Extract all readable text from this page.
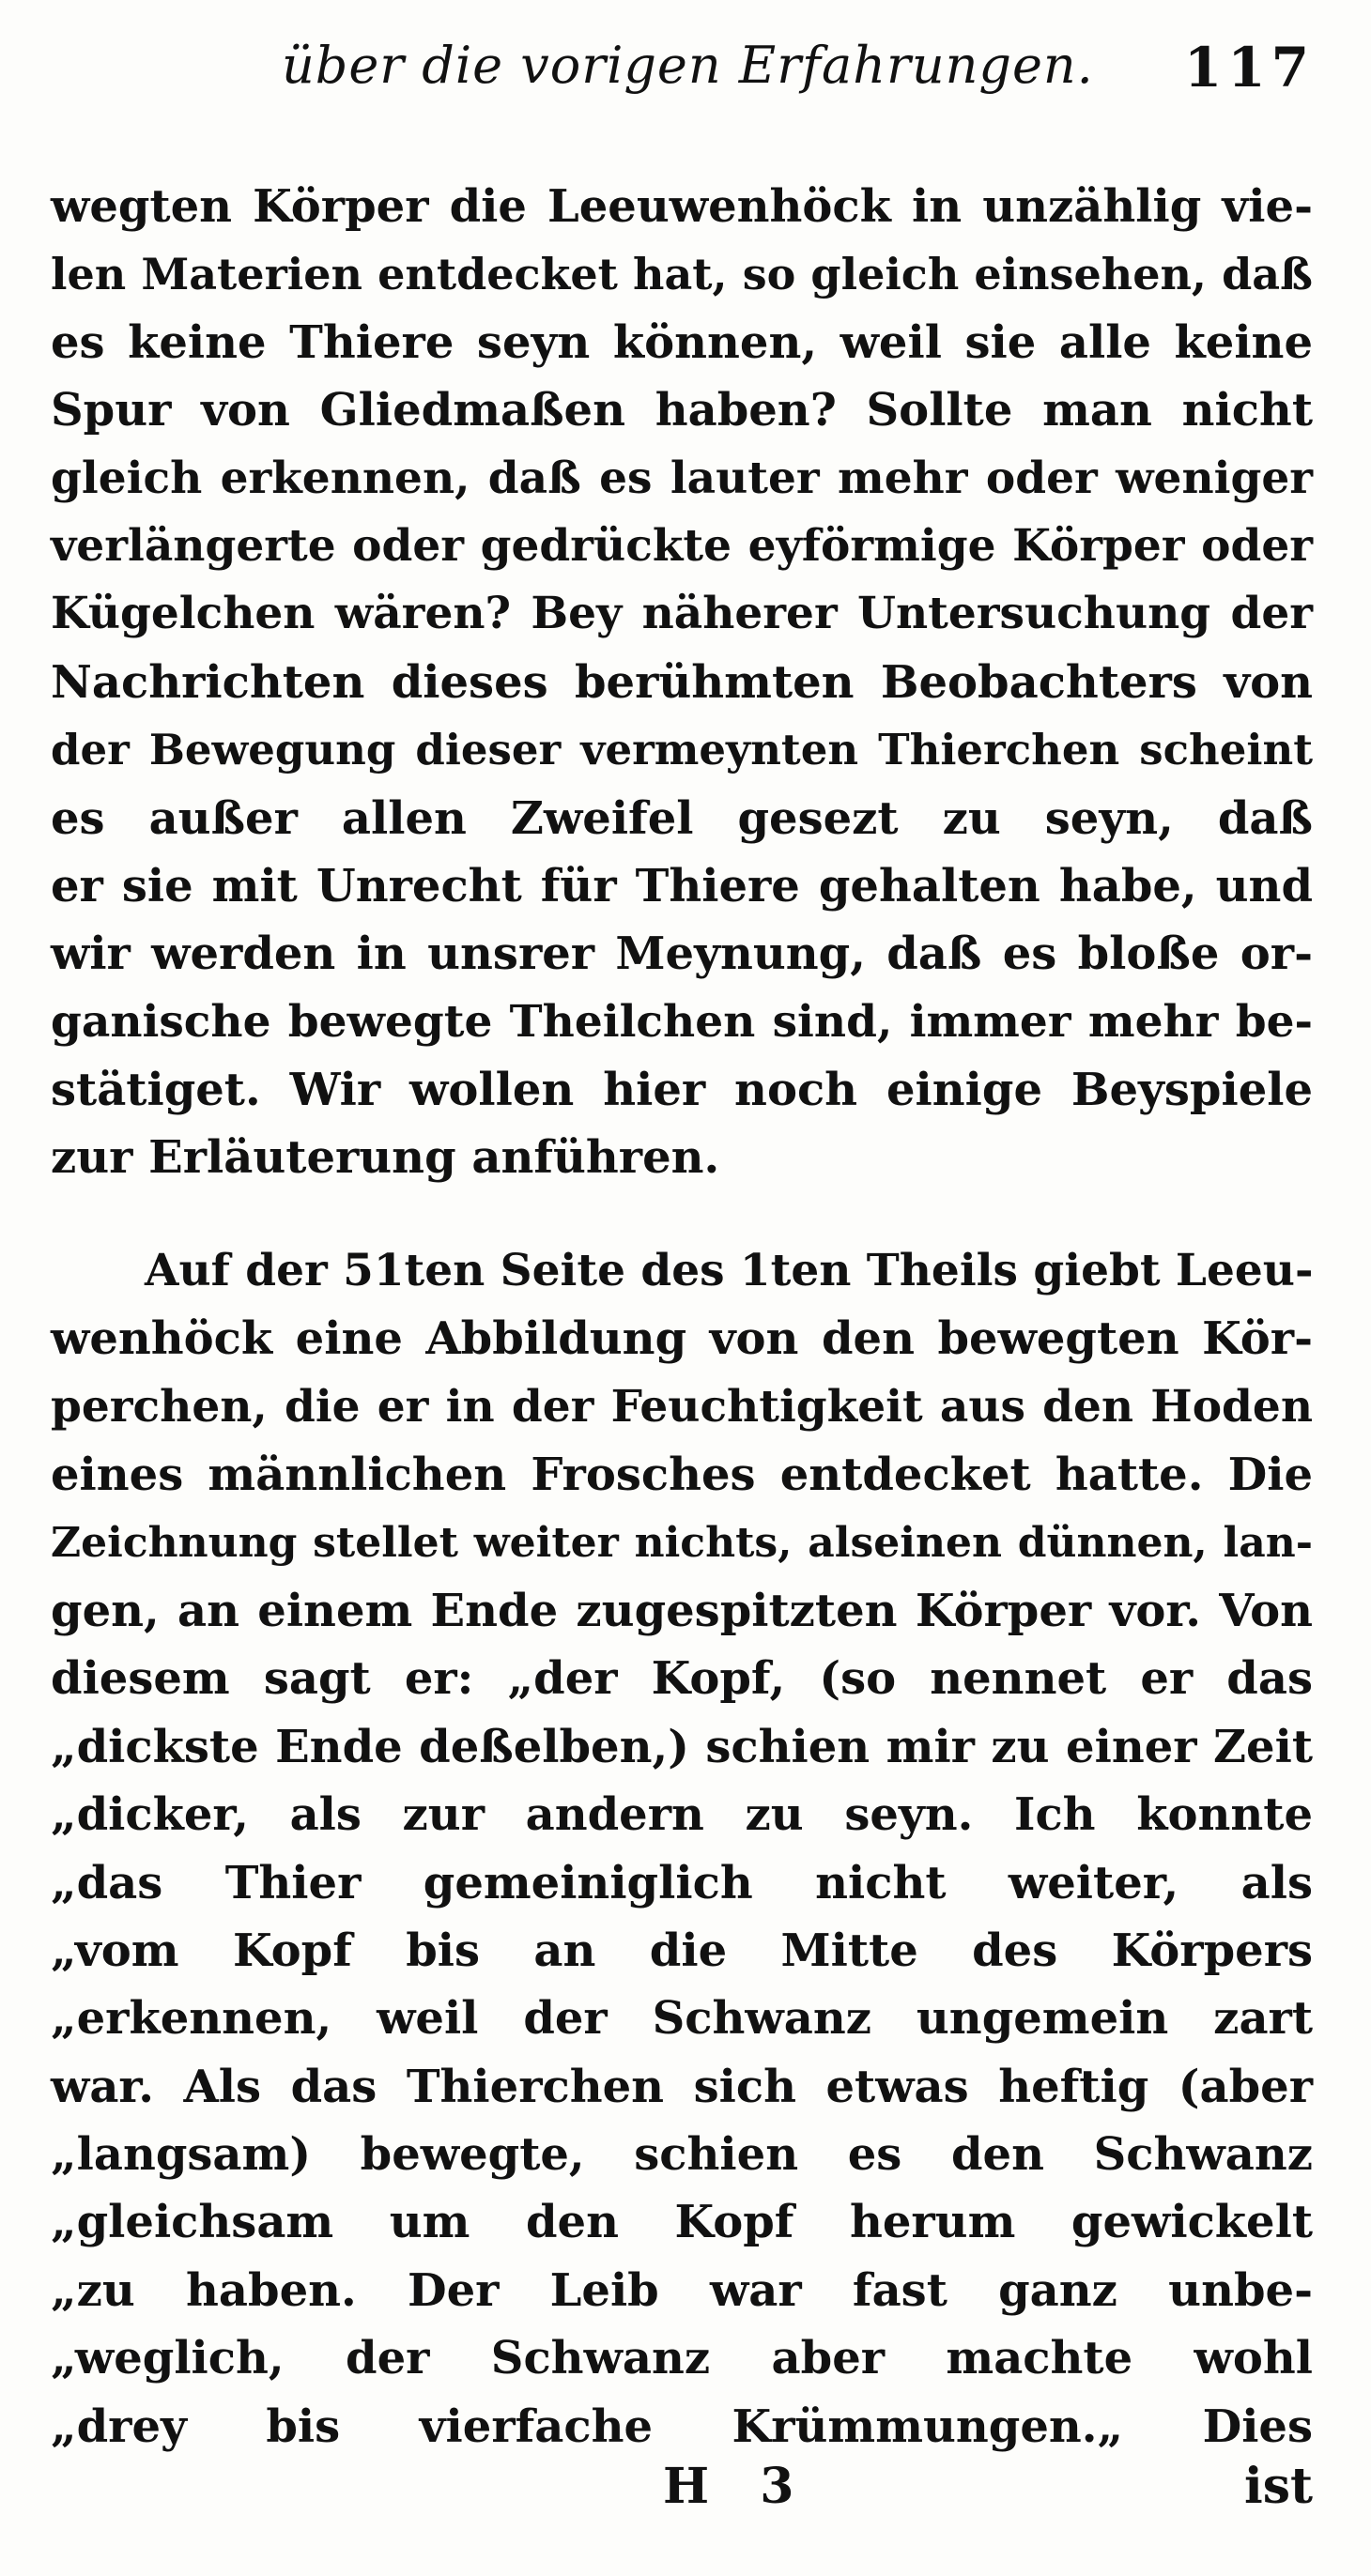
über die vorigen Erfahrungen. 117
wegten Körper die Leeuwenhöck in unzählig vie-
len Materien entdecket hat, so gleich einsehen, daß
es keine Thiere seyn können, weil sie alle keine
Spur von Gliedmaßen haben? Sollte man nicht
gleich erkennen, daß es lauter mehr oder weniger
verlängerte oder gedrückte eyförmige Körper oder
Kügelchen wären? Bey näherer Untersuchung der
Nachrichten dieses berühmten Beobachters von
der Bewegung dieser vermeynten Thierchen scheint
es außer allen Zweifel gesezt zu seyn, daß
er sie mit Unrecht für Thiere gehalten habe, und
wir werden in unsrer Meynung, daß es bloße or-
ganische bewegte Theilchen sind, immer mehr be-
stätiget. Wir wollen hier noch einige Beyspiele
zur Erläuterung anführen.
Auf der 51ten Seite des 1ten Theils giebt Leeu-
wenhöck eine Abbildung von den bewegten Kör-
perchen, die er in der Feuchtigkeit aus den Hoden
eines männlichen Frosches entdecket hatte. Die
Zeichnung stellet weiter nichts, alseinen dünnen, lan-
gen, an einem Ende zugespitzten Körper vor. Von
diesem sagt er: „der Kopf, (so nennet er das
„dickste Ende deßelben,) schien mir zu einer Zeit
„dicker, als zur andern zu seyn. Ich konnte
„das Thier gemeiniglich nicht weiter, als
„vom Kopf bis an die Mitte des Körpers
„erkennen, weil der Schwanz ungemein zart
war. Als das Thierchen sich etwas heftig (aber
„langsam) bewegte, schien es den Schwanz
„gleichsam um den Kopf herum gewickelt
„zu haben. Der Leib war fast ganz unbe-
„weglich, der Schwanz aber machte wohl
„drey bis vierfache Krümmungen.„ Dies
H 3	ist
